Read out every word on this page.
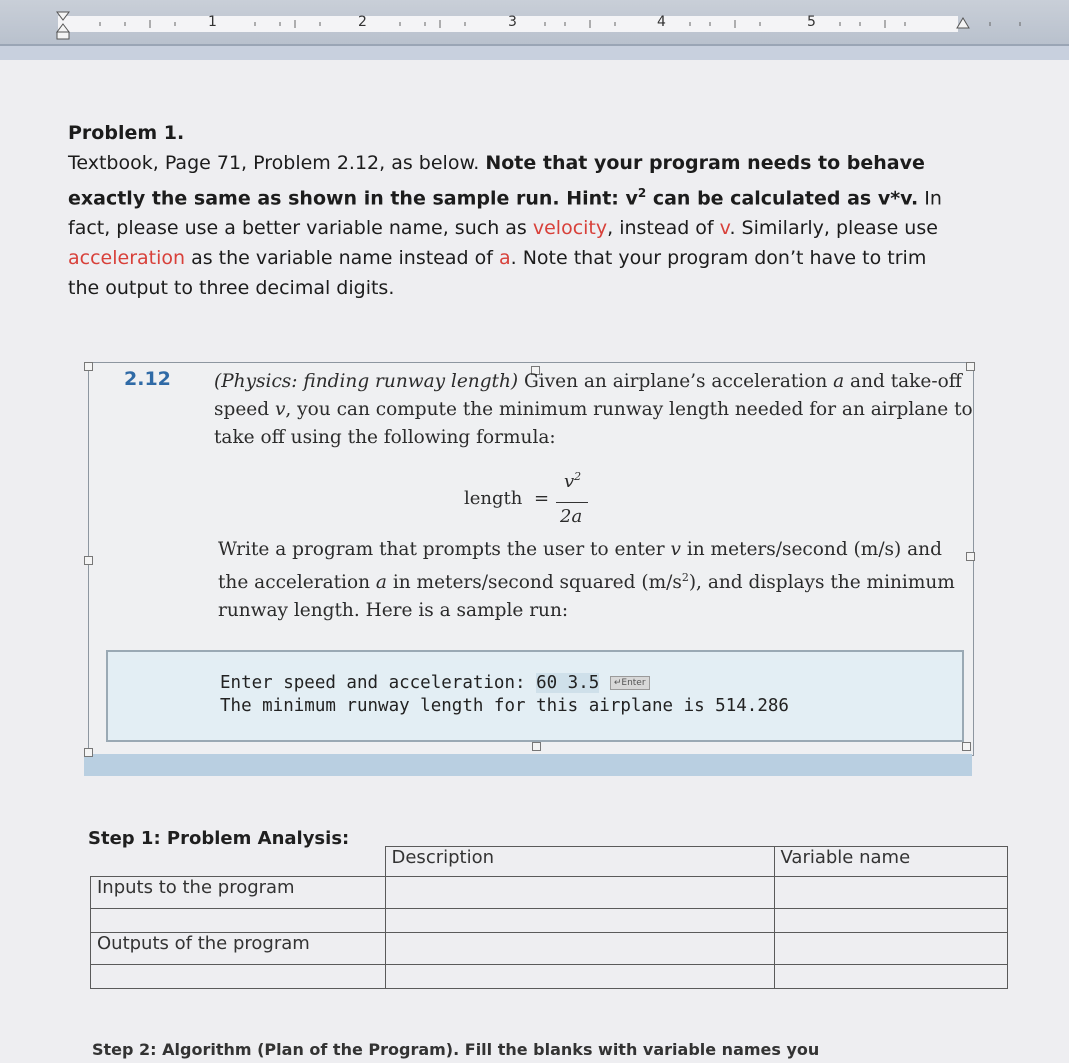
1	2	3	4	5
Problem 1.
Textbook, Page 71, Problem 2.12, as below. Note that your program needs to behave exactly the same as shown in the sample run. Hint: $v^2$ can be calculated as v*v. In fact, please use a better variable name, such as velocity, instead of v. Similarly, please use acceleration as the variable name instead of a. Note that your program don’t have to trim the output to three decimal digits.
2.12 (Physics: finding runway length) Given an airplane’s acceleration a and take-off speed v, you can compute the minimum runway length needed for an airplane to take off using the following formula:
length =
$v^2$
2a
Write a program that prompts the user to enter v in meters/second (m/s) and the acceleration a in meters/second squared $(m/s^2)$, and displays the minimum runway length. Here is a sample run:
Enter speed and acceleration: 60 3.5 ↵Enter
The minimum runway length for this airplane is 514.286
Step 1: Problem Analysis:
	Description	Variable name
Inputs to the program		

Outputs of the program		

Step 2: Algorithm (Plan of the Program). Fill the blanks with variable names you
